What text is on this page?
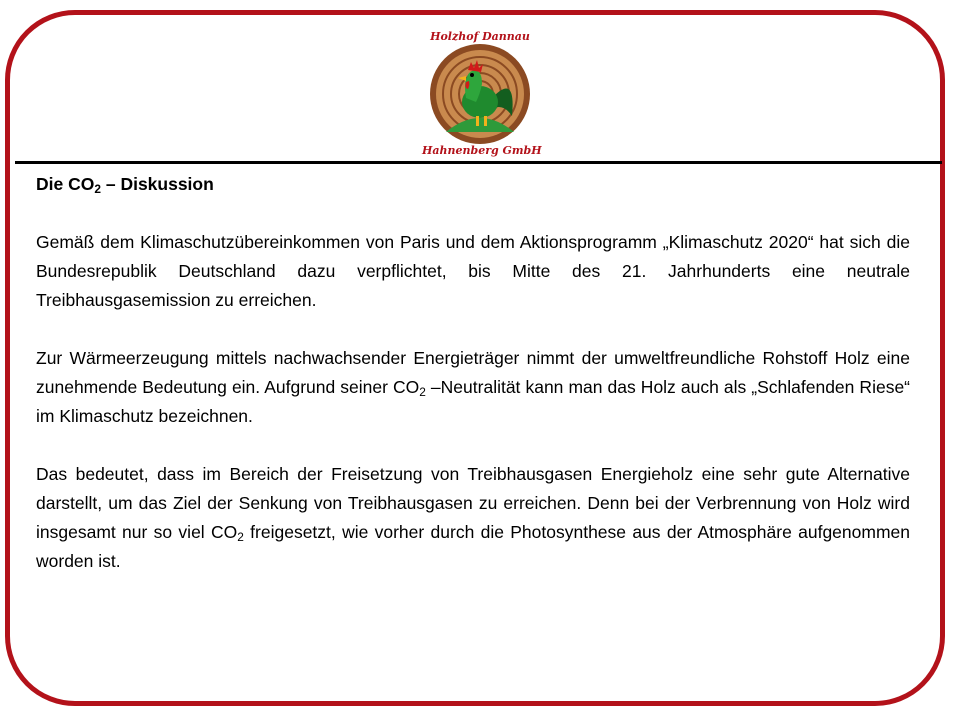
Holzhof Dannau
Hahnenberg GmbH

Die $CO_2$ – Diskussion

Gemäß dem Klimaschutzübereinkommen von Paris und dem Aktionsprogramm „Klimaschutz 2020“ hat sich die Bundesrepublik Deutschland dazu verpflichtet, bis Mitte des 21. Jahrhunderts eine neutrale Treibhausgasemission zu erreichen.

Zur Wärmeerzeugung mittels nachwachsender Energieträger nimmt der umweltfreundliche Rohstoff Holz eine zunehmende Bedeutung ein. Aufgrund seiner $CO_2$ –Neutralität kann man das Holz auch als „Schlafenden Riese“ im Klimaschutz bezeichnen.

Das bedeutet, dass im Bereich der Freisetzung von Treibhausgasen Energieholz eine sehr gute Alternative darstellt, um das Ziel der Senkung von Treibhausgasen zu erreichen. Denn bei der Verbrennung von Holz wird insgesamt nur so viel $CO_2$ freigesetzt, wie vorher durch die Photosynthese aus der Atmosphäre aufgenommen worden ist.
